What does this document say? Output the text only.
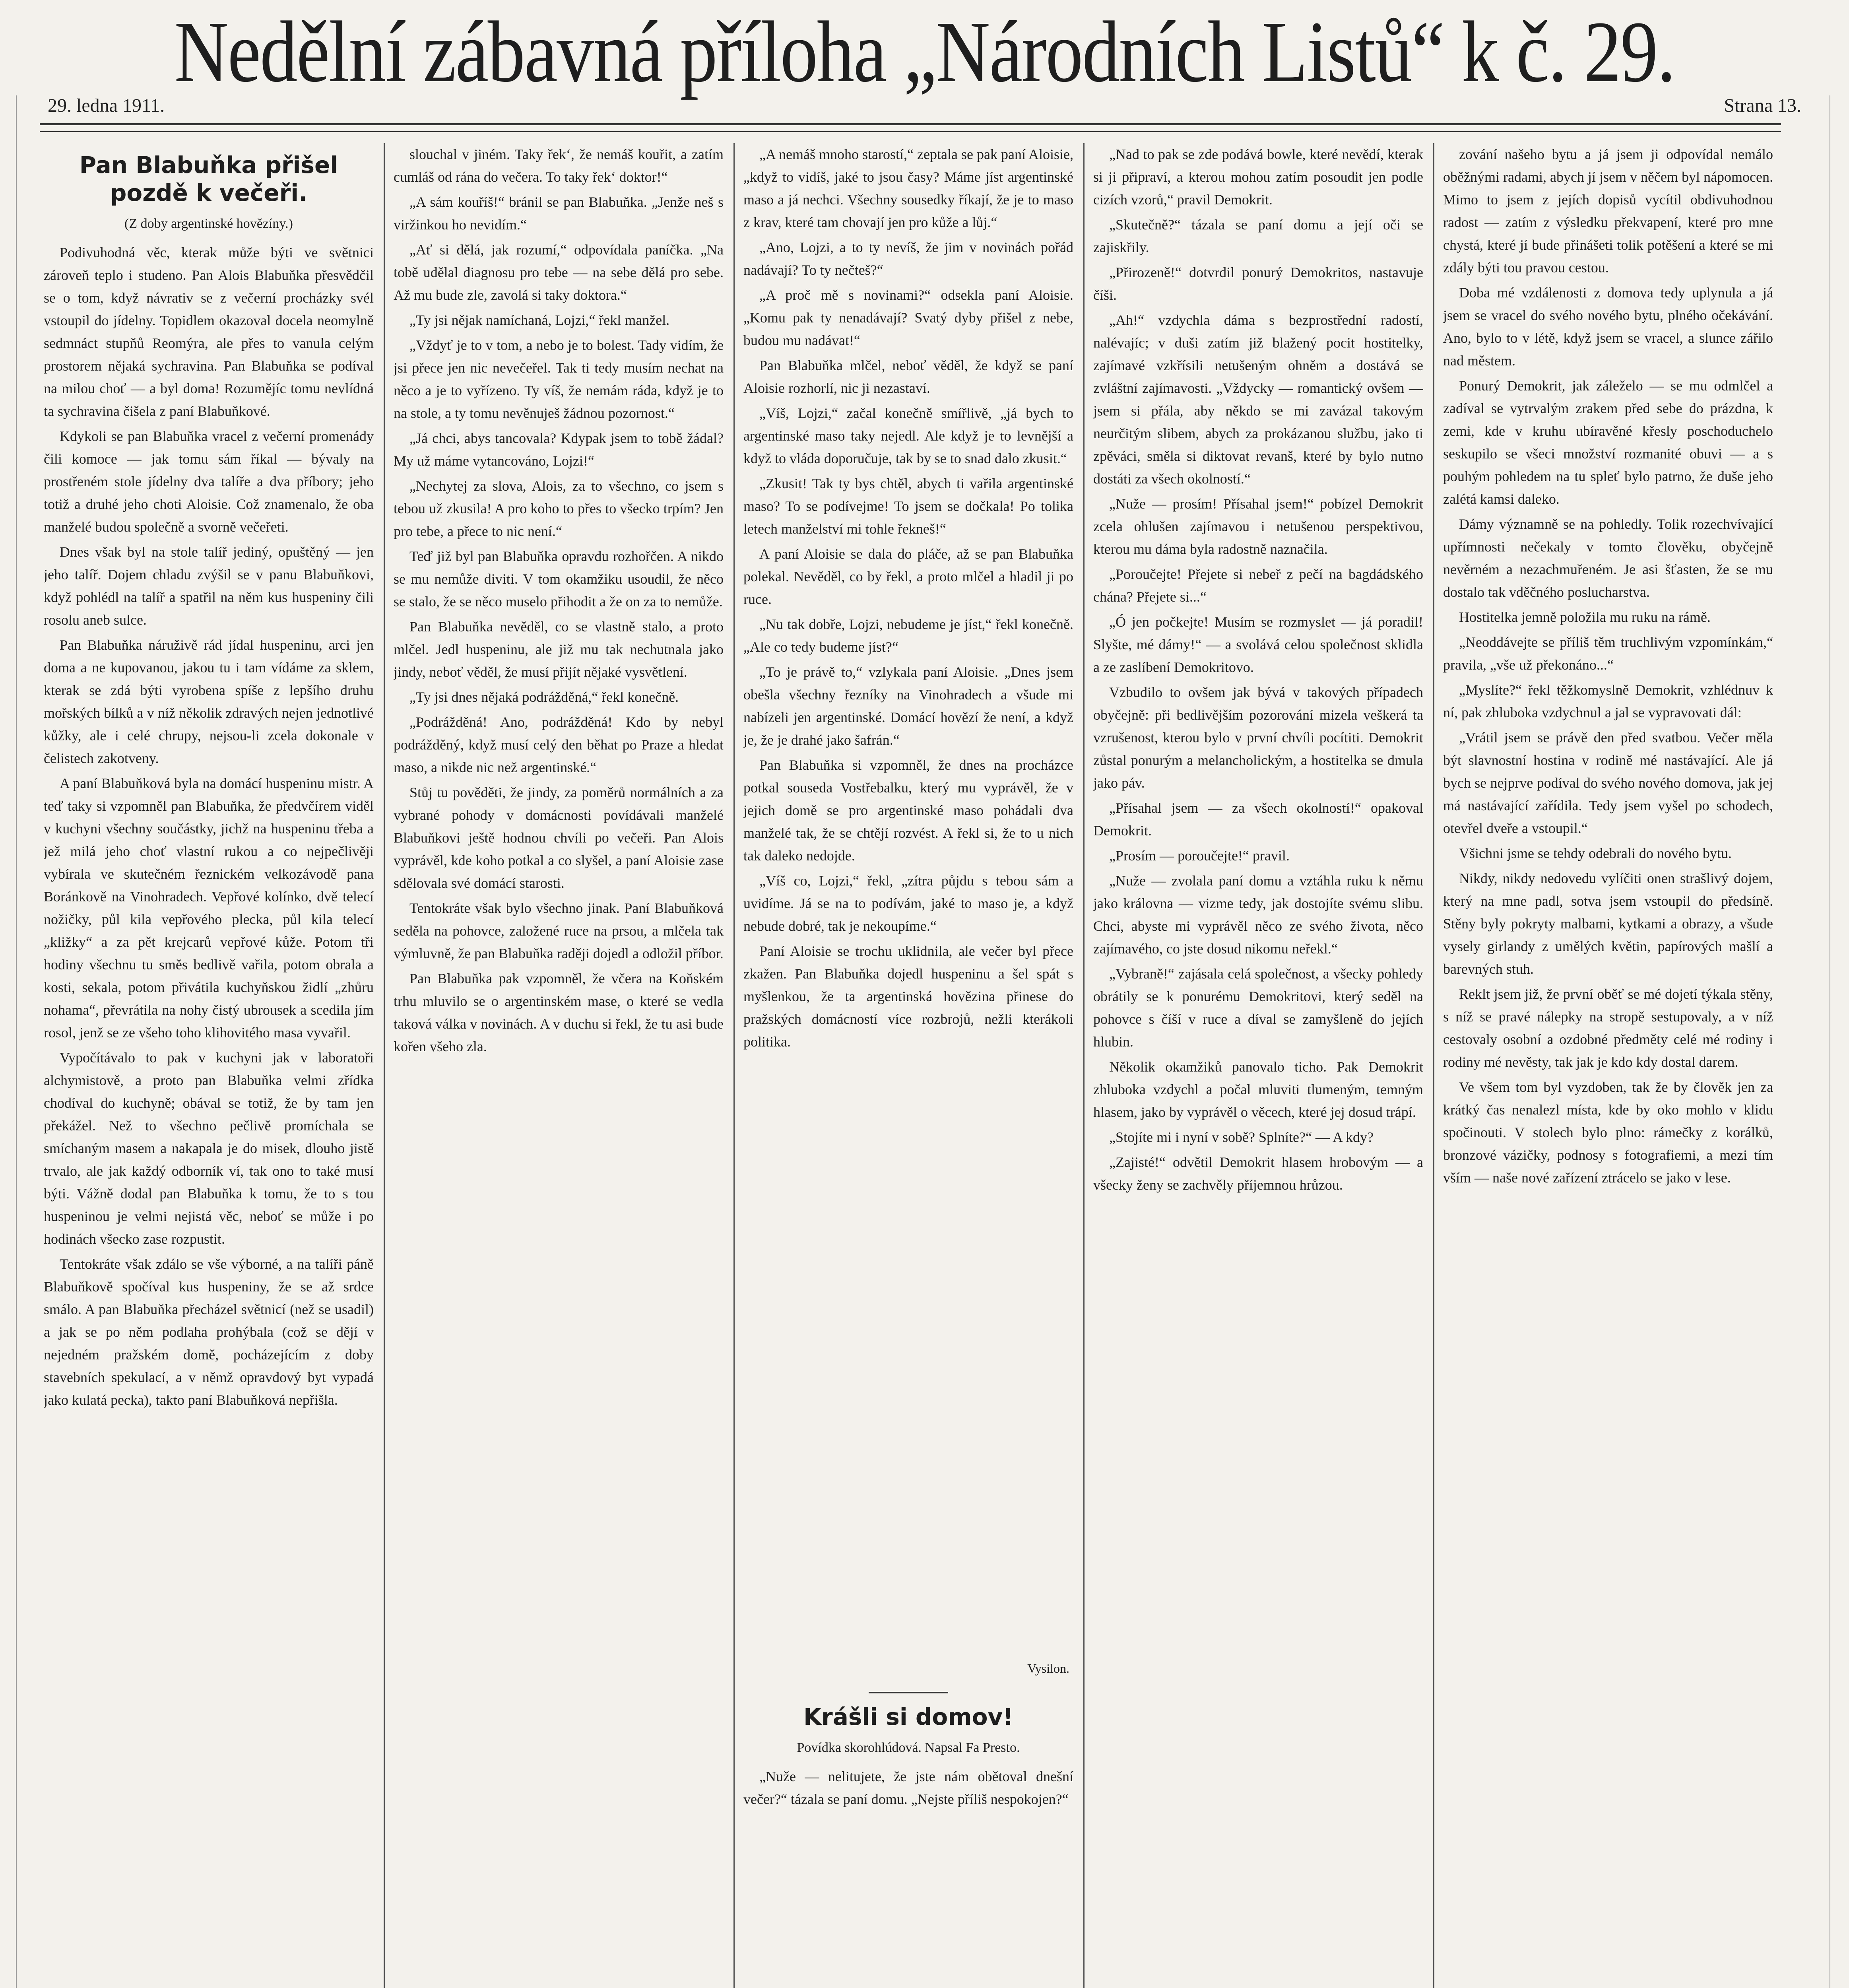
Nedělní zábavná příloha „Národních Listů“ k č. 29.
29. ledna 1911.	Strana 13.
Pan Blabuňka přišel pozdě k večeři.
(Z doby argentinské hovězíny.)

Podivuhodná věc, kterak může býti ve světnici zároveň teplo i studeno. Pan Alois Blabuňka přesvědčil se o tom, když návrativ se z večerní procházky svél vstoupil do jídelny. Topidlem okazoval docela neomylně sedmnáct stupňů Reomýra, ale přes to vanula celým prostorem nějaká sychravina. Pan Blabuňka se podíval na milou choť — a byl doma! Rozumějíc tomu nevlídná ta sychravina čišela z paní Blabuňkové.

Kdykoli se pan Blabuňka vracel z večerní promenády čili komoce — jak tomu sám říkal — bývaly na prostřeném stole jídelny dva talíře a dva příbory; jeho totiž a druhé jeho choti Aloisie. Což znamenalo, že oba manželé budou společně a svorně večeřeti.

Dnes však byl na stole talíř jediný, opuštěný — jen jeho talíř. Dojem chladu zvýšil se v panu Blabuňkovi, když pohlédl na talíř a spatřil na něm kus huspeniny čili rosolu aneb sulce.

Pan Blabuňka náruživě rád jídal huspeninu, arci jen doma a ne kupovanou, jakou tu i tam vídáme za sklem, kterak se zdá býti vyrobena spíše z lepšího druhu mořských bílků a v níž několik zdravých nejen jednotlivé kůžky, ale i celé chrupy, nejsou-li zcela dokonale v čelistech zakotveny.

A paní Blabuňková byla na domácí huspeninu mistr. A teď taky si vzpomněl pan Blabuňka, že předvčírem viděl v kuchyni všechny součástky, jichž na huspeninu třeba a jež milá jeho choť vlastní rukou a co nejpečlivěji vybírala ve skutečném řeznickém velkozávodě pana Boránkově na Vinohradech. Vepřové kolínko, dvě telecí nožičky, půl kila vepřového plecka, půl kila telecí „kližky“ a za pět krejcarů vepřové kůže. Potom tři hodiny všechnu tu směs bedlivě vařila, potom obrala a kosti, sekala, potom přivátila kuchyňskou židlí „zhůru nohama“, převrátila na nohy čistý ubrousek a scedila jím rosol, jenž se ze všeho toho klihovitého masa vyvařil.

Vypočítávalo to pak v kuchyni jak v laboratoři alchymistově, a proto pan Blabuňka velmi zřídka chodíval do kuchyně; obával se totiž, že by tam jen překážel. Než to všechno pečlivě promíchala se smíchaným masem a nakapala je do misek, dlouho jistě trvalo, ale jak každý odborník ví, tak ono to také musí býti. Vážně dodal pan Blabuňka k tomu, že to s tou huspeninou je velmi nejistá věc, neboť se může i po hodinách všecko zase rozpustit.

Tentokráte však zdálo se vše výborné, a na talíři páně Blabuňkově spočíval kus huspeniny, že se až srdce smálo. A pan Blabuňka přecházel světnicí (než se usadil) a jak se po něm podlaha prohýbala (což se dějí v nejedném pražském domě, pocházejícím z doby stavebních spekulací, a v němž opravdový byt vypadá jako kulatá pecka), takto paní Blabuňková nepřišla.

slouchal v jiném. Taky řek‘, že nemáš kouřit, a zatím cumláš od rána do večera. To taky řek‘ doktor!“

„A sám kouříš!“ bránil se pan Blabuňka. „Jenže neš s viržinkou ho nevidím.“

„Ať si dělá, jak rozumí,“ odpovídala paníčka. „Na tobě udělal diagnosu pro tebe — na sebe dělá pro sebe. Až mu bude zle, zavolá si taky doktora.“

„Ty jsi nějak namíchaná, Lojzi,“ řekl manžel.

„Vždyť je to v tom, a nebo je to bolest. Tady vidím, že jsi přece jen nic nevečeřel. Tak ti tedy musím nechat na něco a je to vyřízeno. Ty víš, že nemám ráda, když je to na stole, a ty tomu nevěnuješ žádnou pozornost.“

„Já chci, abys tancovala? Kdypak jsem to tobě žádal? My už máme vytancováno, Lojzi!“

„Nechytej za slova, Alois, za to všechno, co jsem s tebou už zkusila! A pro koho to přes to všecko trpím? Jen pro tebe, a přece to nic není.“

Teď již byl pan Blabuňka opravdu rozhořčen. A nikdo se mu nemůže diviti. V tom okamžiku usoudil, že něco se stalo, že se něco muselo přihodit a že on za to nemůže.

Pan Blabuňka nevěděl, co se vlastně stalo, a proto mlčel. Jedl huspeninu, ale již mu tak nechutnala jako jindy, neboť věděl, že musí přijít nějaké vysvětlení.

„Ty jsi dnes nějaká podrážděná,“ řekl konečně.

„Podrážděná! Ano, podrážděná! Kdo by nebyl podrážděný, když musí celý den běhat po Praze a hledat maso, a nikde nic než argentinské.“

Stůj tu pověděti, že jindy, za poměrů normálních a za vybrané pohody v domácnosti povídávali manželé Blabuňkovi ještě hodnou chvíli po večeři. Pan Alois vyprávěl, kde koho potkal a co slyšel, a paní Aloisie zase sdělovala své domácí starosti.

Tentokráte však bylo všechno jinak. Paní Blabuňková seděla na pohovce, založené ruce na prsou, a mlčela tak výmluvně, že pan Blabuňka raději dojedl a odložil příbor.

Pan Blabuňka pak vzpomněl, že včera na Koňském trhu mluvilo se o argentinském mase, o které se vedla taková válka v novinách. A v duchu si řekl, že tu asi bude kořen všeho zla.

„A nemáš mnoho starostí,“ zeptala se pak paní Aloisie, „když to vidíš, jaké to jsou časy? Máme jíst argentinské maso a já nechci. Všechny sousedky říkají, že je to maso z krav, které tam chovají jen pro kůže a lůj.“

„Ano, Lojzi, a to ty nevíš, že jim v novinách pořád nadávají? To ty nečteš?“

„A proč mě s novinami?“ odsekla paní Aloisie. „Komu pak ty nenadávají? Svatý dyby přišel z nebe, budou mu nadávat!“

Pan Blabuňka mlčel, neboť věděl, že když se paní Aloisie rozhorlí, nic ji nezastaví.

„Víš, Lojzi,“ začal konečně smířlivě, „já bych to argentinské maso taky nejedl. Ale když je to levnější a když to vláda doporučuje, tak by se to snad dalo zkusit.“

„Zkusit! Tak ty bys chtěl, abych ti vařila argentinské maso? To se podívejme! To jsem se dočkala! Po tolika letech manželství mi tohle řekneš!“

A paní Aloisie se dala do pláče, až se pan Blabuňka polekal. Nevěděl, co by řekl, a proto mlčel a hladil ji po ruce.

„Nu tak dobře, Lojzi, nebudeme je jíst,“ řekl konečně. „Ale co tedy budeme jíst?“

„To je právě to,“ vzlykala paní Aloisie. „Dnes jsem obešla všechny řezníky na Vinohradech a všude mi nabízeli jen argentinské. Domácí hovězí že není, a když je, že je drahé jako šafrán.“

Pan Blabuňka si vzpomněl, že dnes na procházce potkal souseda Vostřebalku, který mu vyprávěl, že v jejich domě se pro argentinské maso pohádali dva manželé tak, že se chtějí rozvést. A řekl si, že to u nich tak daleko nedojde.

„Víš co, Lojzi,“ řekl, „zítra půjdu s tebou sám a uvidíme. Já se na to podívám, jaké to maso je, a když nebude dobré, tak je nekoupíme.“

Paní Aloisie se trochu uklidnila, ale večer byl přece zkažen. Pan Blabuňka dojedl huspeninu a šel spát s myšlenkou, že ta argentinská hovězina přinese do pražských domácností více rozbrojů, nežli kterákoli politika.

Vysilon.
Krášli si domov!
Povídka skorohlúdová. Napsal Fa Presto.

„Nuže — nelitujete, že jste nám obětoval dnešní večer?“ tázala se paní domu. „Nejste příliš nespokojen?“

„Nad to pak se zde podává bowle, které nevědí, kterak si ji připraví, a kterou mohou zatím posoudit jen podle cizích vzorů,“ pravil Demokrit.

„Skutečně?“ tázala se paní domu a její oči se zajiskřily.

„Přirozeně!“ dotvrdil ponurý Demokritos, nastavuje číši.

„Ah!“ vzdychla dáma s bezprostřední radostí, nalévajíc; v duši zatím již blažený pocit hostitelky, zajímavé vzkřísili netušeným ohněm a dostává se zvláštní zajímavosti. „Vždycky — romantický ovšem — jsem si přála, aby někdo se mi zavázal takovým neurčitým slibem, abych za prokázanou službu, jako ti zpěváci, směla si diktovat revanš, které by bylo nutno dostáti za všech okolností.“

„Nuže — prosím! Přísahal jsem!“ pobízel Demokrit zcela ohlušen zajímavou i netušenou perspektivou, kterou mu dáma byla radostně naznačila.

„Poroučejte! Přejete si nebeř z pečí na bagdádského chána? Přejete si...“

„Ó jen počkejte! Musím se rozmyslet — já poradil! Slyšte, mé dámy!“ — a svolává celou společnost sklidla a ze zaslíbení Demokritovo.

Vzbudilo to ovšem jak bývá v takových případech obyčejně: při bedlivějším pozorování mizela veškerá ta vzrušenost, kterou bylo v první chvíli pocítiti. Demokrit zůstal ponurým a melancholickým, a hostitelka se dmula jako páv.

„Přísahal jsem — za všech okolností!“ opakoval Demokrit.

„Prosím — poroučejte!“ pravil.

„Nuže — zvolala paní domu a vztáhla ruku k němu jako královna — vizme tedy, jak dostojíte svému slibu. Chci, abyste mi vyprávěl něco ze svého života, něco zajímavého, co jste dosud nikomu neřekl.“

„Vybraně!“ zajásala celá společnost, a všecky pohledy obrátily se k ponurému Demokritovi, který seděl na pohovce s číší v ruce a díval se zamyšleně do jejích hlubin.

Několik okamžiků panovalo ticho. Pak Demokrit zhluboka vzdychl a počal mluviti tlumeným, temným hlasem, jako by vyprávěl o věcech, které jej dosud trápí.

„Stojíte mi i nyní v sobě? Splníte?“ — A kdy?

„Zajisté!“ odvětil Demokrit hlasem hrobovým — a všecky ženy se zachvěly příjemnou hrůzou.

zování našeho bytu a já jsem ji odpovídal nemálo oběžnými radami, abych jí jsem v něčem byl nápomocen. Mimo to jsem z jejích dopisů vycítil obdivuhodnou radost — zatím z výsledku překvapení, které pro mne chystá, které jí bude přinášeti tolik potěšení a které se mi zdály býti tou pravou cestou.

Doba mé vzdálenosti z domova tedy uplynula a já jsem se vracel do svého nového bytu, plného očekávání. Ano, bylo to v létě, když jsem se vracel, a slunce zářilo nad městem.

Ponurý Demokrit, jak záleželo — se mu odmlčel a zadíval se vytrvalým zrakem před sebe do prázdna, k zemi, kde v kruhu ubíravěné křesly poschoduchelo seskupilo se všeci množství rozmanité obuvi — a s pouhým pohledem na tu spleť bylo patrno, že duše jeho zalétá kamsi daleko.

Dámy významně se na pohledly. Tolik rozechvívající upřímnosti nečekaly v tomto člověku, obyčejně nevěrném a nezachmuřeném. Je asi šťasten, že se mu dostalo tak vděčného poslucharstva.

Hostitelka jemně položila mu ruku na rámě.

„Neoddávejte se příliš těm truchlivým vzpomínkám,“ pravila, „vše už překonáno...“

„Myslíte?“ řekl těžkomyslně Demokrit, vzhlédnuv k ní, pak zhluboka vzdychnul a jal se vypravovati dál:

„Vrátil jsem se právě den před svatbou. Večer měla být slavnostní hostina v rodině mé nastávající. Ale já bych se nejprve podíval do svého nového domova, jak jej má nastávající zařídila. Tedy jsem vyšel po schodech, otevřel dveře a vstoupil.“

Všichni jsme se tehdy odebrali do nového bytu.

Nikdy, nikdy nedovedu vylíčiti onen strašlivý dojem, který na mne padl, sotva jsem vstoupil do předsíně. Stěny byly pokryty malbami, kytkami a obrazy, a všude vysely girlandy z umělých květin, papírových mašlí a barevných stuh.

Reklt jsem již, že první oběť se mé dojetí týkala stěny, s níž se pravé nálepky na stropě sestupovaly, a v níž cestovaly osobní a ozdobné předměty celé mé rodiny i rodiny mé nevěsty, tak jak je kdo kdy dostal darem.

Ve všem tom byl vyzdoben, tak že by člověk jen za krátký čas nenalezl místa, kde by oko mohlo v klidu spočinouti. V stolech bylo plno: rámečky z korálků, bronzové vázičky, podnosy s fotografiemi, a mezi tím vším — naše nové zařízení ztrácelo se jako v lese.
